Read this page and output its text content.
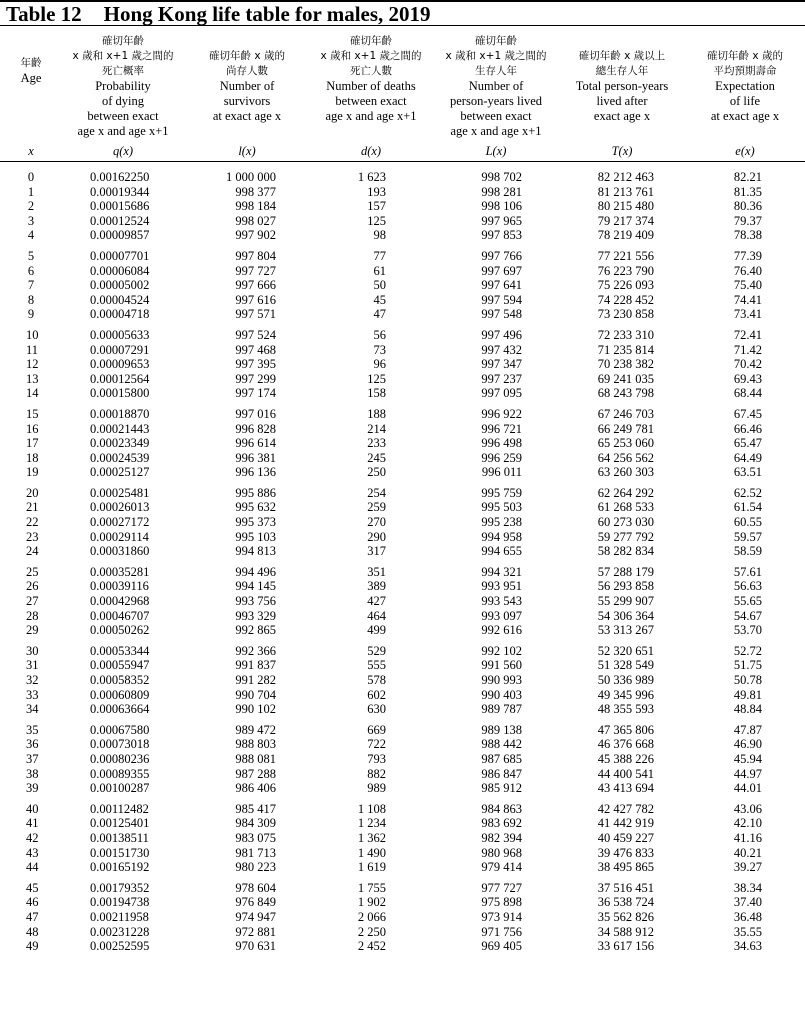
Table 12 Hong Kong life table for males, 2019
年齡
Age
確切年齡
x 歲和 x+1 歲之間的
死亡概率
Probability
of dying
between exact
age x and age x+1
確切年齡 x 歲的
尚存人數
Number of
survivors
at exact age x
確切年齡
x 歲和 x+1 歲之間的
死亡人數
Number of deaths
between exact
age x and age x+1
確切年齡
x 歲和 x+1 歲之間的
生存人年
Number of
person-years lived
between exact
age x and age x+1
確切年齡 x 歲以上
總生存人年
Total person-years
lived after
exact age x
確切年齡 x 歲的
平均預期壽命
Expectation
of life
at exact age x
x	q(x)	l(x)	d(x)	L(x)	T(x)	e(x)
0	0.00162250	1 000 000	1 623	998 702	82 212 463	82.21
1	0.00019344	998 377	193	998 281	81 213 761	81.35
2	0.00015686	998 184	157	998 106	80 215 480	80.36
3	0.00012524	998 027	125	997 965	79 217 374	79.37
4	0.00009857	997 902	98	997 853	78 219 409	78.38
5	0.00007701	997 804	77	997 766	77 221 556	77.39
6	0.00006084	997 727	61	997 697	76 223 790	76.40
7	0.00005002	997 666	50	997 641	75 226 093	75.40
8	0.00004524	997 616	45	997 594	74 228 452	74.41
9	0.00004718	997 571	47	997 548	73 230 858	73.41
10	0.00005633	997 524	56	997 496	72 233 310	72.41
11	0.00007291	997 468	73	997 432	71 235 814	71.42
12	0.00009653	997 395	96	997 347	70 238 382	70.42
13	0.00012564	997 299	125	997 237	69 241 035	69.43
14	0.00015800	997 174	158	997 095	68 243 798	68.44
15	0.00018870	997 016	188	996 922	67 246 703	67.45
16	0.00021443	996 828	214	996 721	66 249 781	66.46
17	0.00023349	996 614	233	996 498	65 253 060	65.47
18	0.00024539	996 381	245	996 259	64 256 562	64.49
19	0.00025127	996 136	250	996 011	63 260 303	63.51
20	0.00025481	995 886	254	995 759	62 264 292	62.52
21	0.00026013	995 632	259	995 503	61 268 533	61.54
22	0.00027172	995 373	270	995 238	60 273 030	60.55
23	0.00029114	995 103	290	994 958	59 277 792	59.57
24	0.00031860	994 813	317	994 655	58 282 834	58.59
25	0.00035281	994 496	351	994 321	57 288 179	57.61
26	0.00039116	994 145	389	993 951	56 293 858	56.63
27	0.00042968	993 756	427	993 543	55 299 907	55.65
28	0.00046707	993 329	464	993 097	54 306 364	54.67
29	0.00050262	992 865	499	992 616	53 313 267	53.70
30	0.00053344	992 366	529	992 102	52 320 651	52.72
31	0.00055947	991 837	555	991 560	51 328 549	51.75
32	0.00058352	991 282	578	990 993	50 336 989	50.78
33	0.00060809	990 704	602	990 403	49 345 996	49.81
34	0.00063664	990 102	630	989 787	48 355 593	48.84
35	0.00067580	989 472	669	989 138	47 365 806	47.87
36	0.00073018	988 803	722	988 442	46 376 668	46.90
37	0.00080236	988 081	793	987 685	45 388 226	45.94
38	0.00089355	987 288	882	986 847	44 400 541	44.97
39	0.00100287	986 406	989	985 912	43 413 694	44.01
40	0.00112482	985 417	1 108	984 863	42 427 782	43.06
41	0.00125401	984 309	1 234	983 692	41 442 919	42.10
42	0.00138511	983 075	1 362	982 394	40 459 227	41.16
43	0.00151730	981 713	1 490	980 968	39 476 833	40.21
44	0.00165192	980 223	1 619	979 414	38 495 865	39.27
45	0.00179352	978 604	1 755	977 727	37 516 451	38.34
46	0.00194738	976 849	1 902	975 898	36 538 724	37.40
47	0.00211958	974 947	2 066	973 914	35 562 826	36.48
48	0.00231228	972 881	2 250	971 756	34 588 912	35.55
49	0.00252595	970 631	2 452	969 405	33 617 156	34.63
